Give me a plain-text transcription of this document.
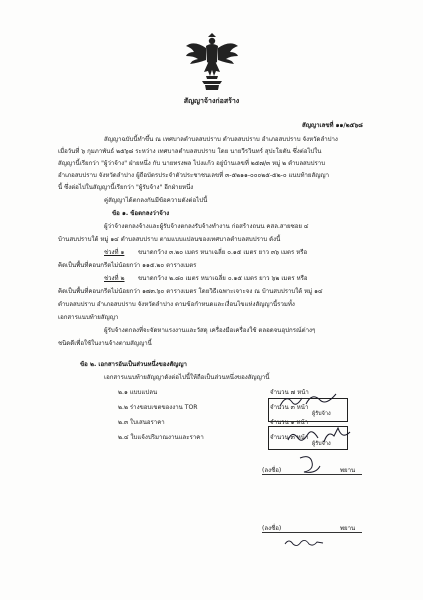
สัญญาจ้างก่อสร้าง
สัญญาเลขที่ ๑๑/๒๕๖๘
สัญญาฉบับนี้ทำขึ้น ณ เทศบาลตำบลสบปราบ ตำบลสบปราบ อำเภอสบปราบ จังหวัดลำปาง
เมื่อวันที่ ๖ กุมภาพันธ์ ๒๕๖๘ ระหว่าง เทศบาลตำบลสบปราบ โดย นายวีรวินทร์ สุปะโยตัน ซึ่งต่อไปใน
สัญญานี้เรียกว่า "ผู้ว่าจ้าง" ฝ่ายหนึ่ง กับ นายทรงพล ไปงแก้ว อยู่บ้านเลขที่ ๒๕๗/๓ หมู่ ๒ ตำบลสบปราบ
อำเภอสบปราบ จังหวัดลำปาง ผู้ถือบัตรประจำตัวประชาชนเลขที่ ๓-๕๒๑๑-๐๐๐๒๕-๕๒-๐ แนบท้ายสัญญา
นี้ ซึ่งต่อไปในสัญญานี้เรียกว่า "ผู้รับจ้าง" อีกฝ่ายหนึ่ง
คู่สัญญาได้ตกลงกันมีข้อความดังต่อไปนี้
ข้อ ๑. ข้อตกลงว่าจ้าง
ผู้ว่าจ้างตกลงจ้างและผู้รับจ้างตกลงรับจ้างทำงาน ก่อสร้างถนน คสล.สายซอย ๔
บ้านสบปราบใต้ หมู่ ๑๔ ตำบลสบปราบ ตามแบบแปลนของเทศบาลตำบลสบปราบ ดังนี้
ช่วงที่ ๑ ขนาดกว้าง ๓.๒๐ เมตร หนาเฉลี่ย ๐.๑๕ เมตร ยาว ๓๖ เมตร หรือ
คิดเป็นพื้นที่คอนกรีตไม่น้อยกว่า ๑๑๕.๒๐ ตารางเมตร
ช่วงที่ ๒ ขนาดกว้าง ๒.๘๐ เมตร หนาเฉลี่ย ๐.๑๕ เมตร ยาว ๖๒ เมตร หรือ
คิดเป็นพื้นที่คอนกรีตไม่น้อยกว่า ๑๗๓.๖๐ ตารางเมตร โดยวิธีเฉพาะเจาะจง ณ บ้านสบปราบใต้ หมู่ ๑๔
ตำบลสบปราบ อำเภอสบปราบ จังหวัดลำปาง ตามข้อกำหนดและเงื่อนไขแห่งสัญญานี้รวมทั้ง
เอกสารแนบท้ายสัญญา
ผู้รับจ้างตกลงที่จะจัดหาแรงงานและวัสดุ เครื่องมือเครื่องใช้ ตลอดจนอุปกรณ์ต่างๆ
ชนิดดีเพื่อใช้ในงานจ้างตามสัญญานี้
ข้อ ๒. เอกสารอันเป็นส่วนหนึ่งของสัญญา
เอกสารแนบท้ายสัญญาดังต่อไปนี้ให้ถือเป็นส่วนหนึ่งของสัญญานี้
๒.๑ แบบแปลน	จำนวน ๗ หน้า
๒.๒ ร่างขอบเขตของงาน TOR	จำนวน ๓ หน้า
๒.๓ ใบเสนอราคา	จำนวน ๑ หน้า
๒.๔ ใบแจ้งปริมาณงานและราคา	จำนวน ๓ หน้า
ผู้รับจ้าง
ผู้รับจ้าง
(ลงชื่อ)	พยาน
(ลงชื่อ)	พยาน
